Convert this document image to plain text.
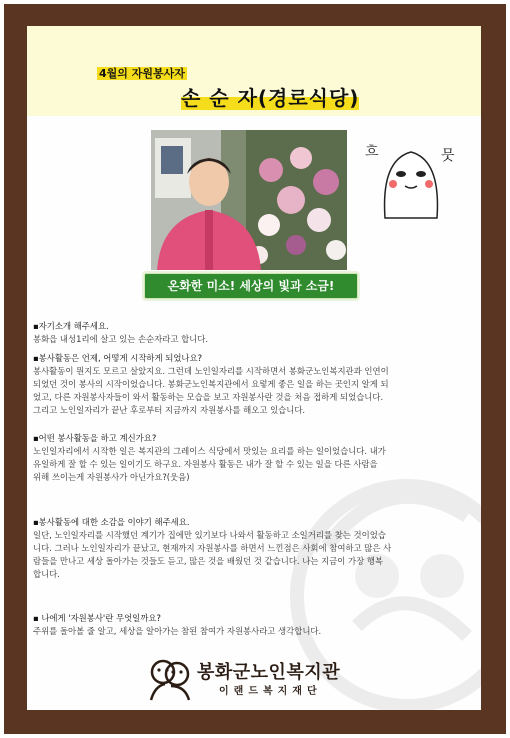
4월의 자원봉사자
손 순 자(경로식당)
흐	뭇
온화한 미소! 세상의 빛과 소금!
▪자기소개 해주세요.
봉화읍 내성1리에 살고 있는 손순자라고 합니다.
▪봉사활동은 언제, 어떻게 시작하게 되었나요?
봉사활동이 뭔지도 모르고 살았지요. 그런데 노인일자리를 시작하면서 봉화군노인복지관과 인연이
되었던 것이 봉사의 시작이었습니다. 봉화군노인복지관에서 요렇게 좋은 일을 하는 곳인지 알게 되
었고, 다른 자원봉사자들이 와서 활동하는 모습을 보고 자원봉사란 것을 처음 접하게 되었습니다.
그리고 노인일자리가 끝난 후로부터 지금까지 자원봉사를 해오고 있습니다.
▪어떤 봉사활동을 하고 계신가요?
노인일자리에서 시작한 일은 복지관의 그레이스 식당에서 맛있는 요리를 하는 일이었습니다. 내가
유일하게 잘 할 수 있는 일이기도 하구요. 자원봉사 활동은 내가 잘 할 수 있는 일을 다른 사람을
위해 쓰이는게 자원봉사가 아닌가요?(웃음)
▪봉사활동에 대한 소감을 이야기 해주세요.
일단, 노인일자리를 시작했던 계기가 집에만 있기보다 나와서 활동하고 소일거리를 찾는 것이었습
니다. 그러나 노인일자리가 끝났고, 현재까지 자원봉사를 하면서 느낀점은 사회에 참여하고 많은 사
람들을 만나고 세상 돌아가는 것들도 듣고, 많은 것을 배웠던 것 같습니다. 나는 지금이 가장 행복
합니다.
▪ 나에게 '자원봉사'란 무엇일까요?
주위를 돌아볼 줄 알고, 세상을 알아가는 참된 참여가 자원봉사라고 생각합니다.
봉화군노인복지관
이랜드복지재단
